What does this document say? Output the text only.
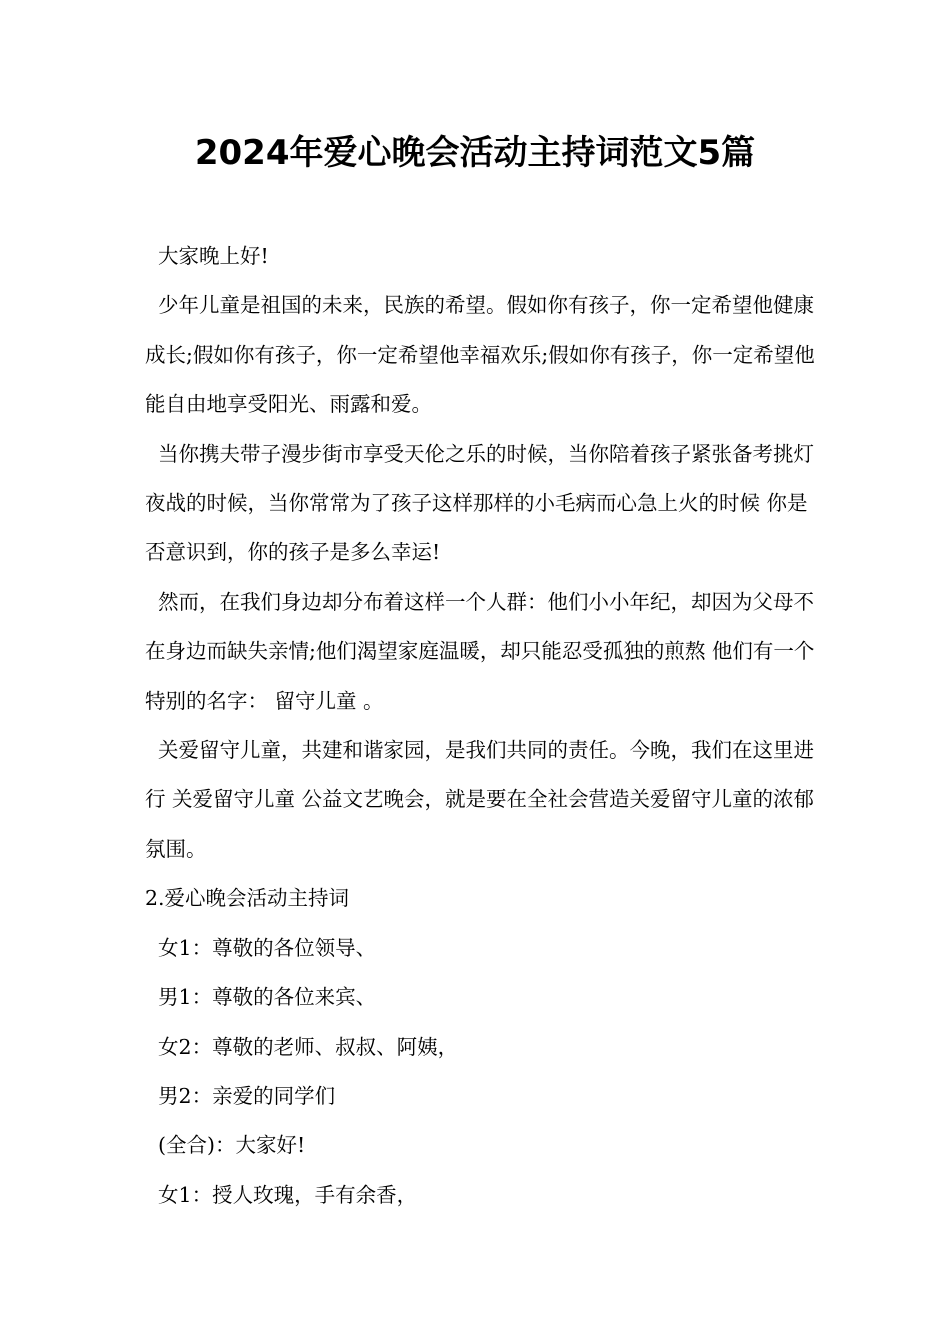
2024年爱心晚会活动主持词范文5篇

大家晚上好!

少年儿童是祖国的未来，民族的希望。假如你有孩子，你一定希望他健康成长;假如你有孩子，你一定希望他幸福欢乐;假如你有孩子，你一定希望他能自由地享受阳光、雨露和爱。

当你携夫带子漫步街市享受天伦之乐的时候，当你陪着孩子紧张备考挑灯夜战的时候，当你常常为了孩子这样那样的小毛病而心急上火的时候 你是否意识到，你的孩子是多么幸运!

然而，在我们身边却分布着这样一个人群：他们小小年纪，却因为父母不在身边而缺失亲情;他们渴望家庭温暖，却只能忍受孤独的煎熬 他们有一个特别的名字： 留守儿童 。

关爱留守儿童，共建和谐家园，是我们共同的责任。今晚，我们在这里进行 关爱留守儿童 公益文艺晚会，就是要在全社会营造关爱留守儿童的浓郁氛围。

2.爱心晚会活动主持词

女1：尊敬的各位领导、

男1：尊敬的各位来宾、

女2：尊敬的老师、叔叔、阿姨，

男2：亲爱的同学们

(全合)：大家好!

女1：授人玫瑰，手有余香，
